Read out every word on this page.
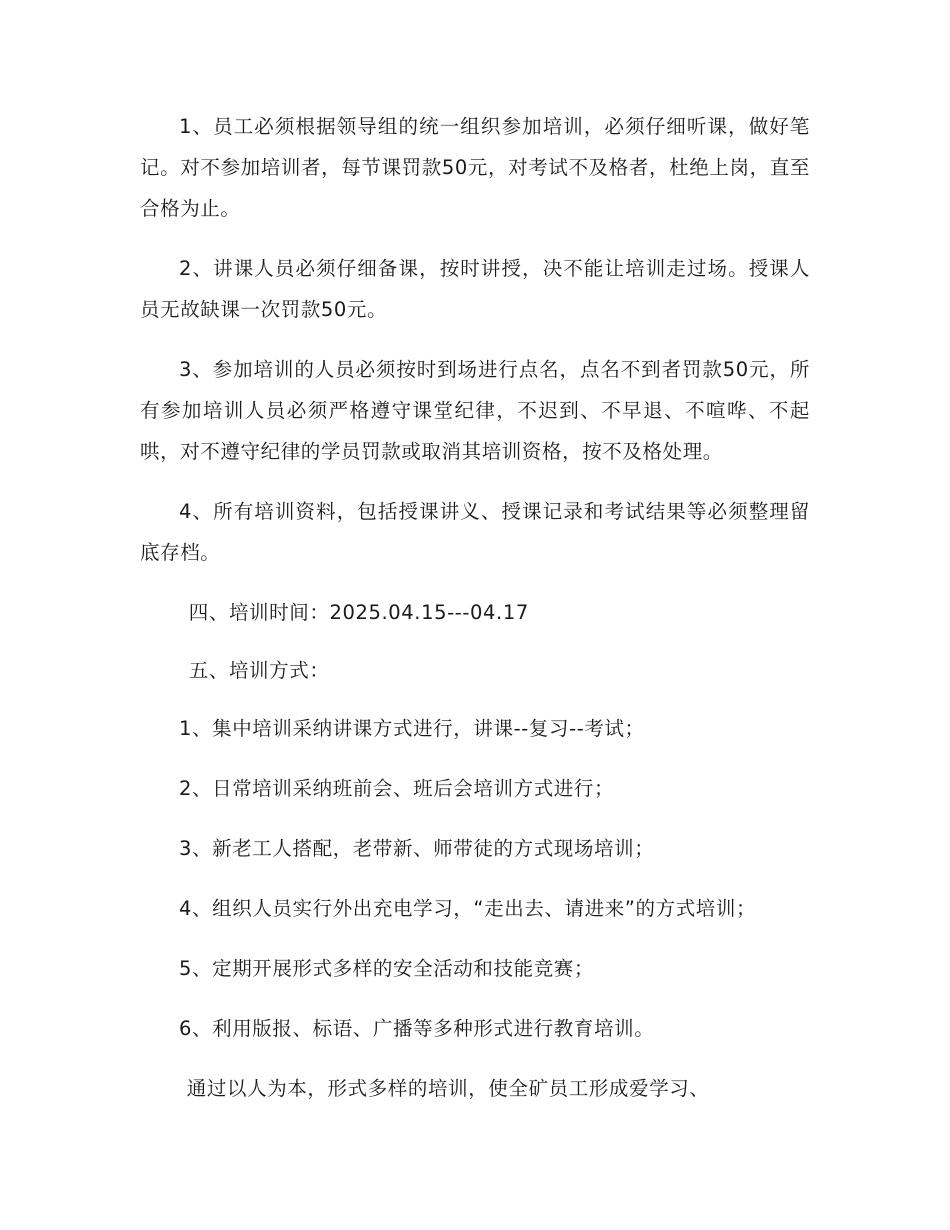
1、员工必须根据领导组的统一组织参加培训，必须仔细听课，做好笔记。对不参加培训者，每节课罚款50元，对考试不及格者，杜绝上岗，直至合格为止。

2、讲课人员必须仔细备课，按时讲授，决不能让培训走过场。授课人员无故缺课一次罚款50元。

3、参加培训的人员必须按时到场进行点名，点名不到者罚款50元，所有参加培训人员必须严格遵守课堂纪律，不迟到、不早退、不喧哗、不起哄，对不遵守纪律的学员罚款或取消其培训资格，按不及格处理。

4、所有培训资料，包括授课讲义、授课记录和考试结果等必须整理留底存档。

四、培训时间：2025.04.15---04.17

五、培训方式：

1、集中培训采纳讲课方式进行，讲课--复习--考试；

2、日常培训采纳班前会、班后会培训方式进行；

3、新老工人搭配，老带新、师带徒的方式现场培训；

4、组织人员实行外出充电学习，“走出去、请进来”的方式培训；

5、定期开展形式多样的安全活动和技能竞赛；

6、利用版报、标语、广播等多种形式进行教育培训。

通过以人为本，形式多样的培训，使全矿员工形成爱学习、
